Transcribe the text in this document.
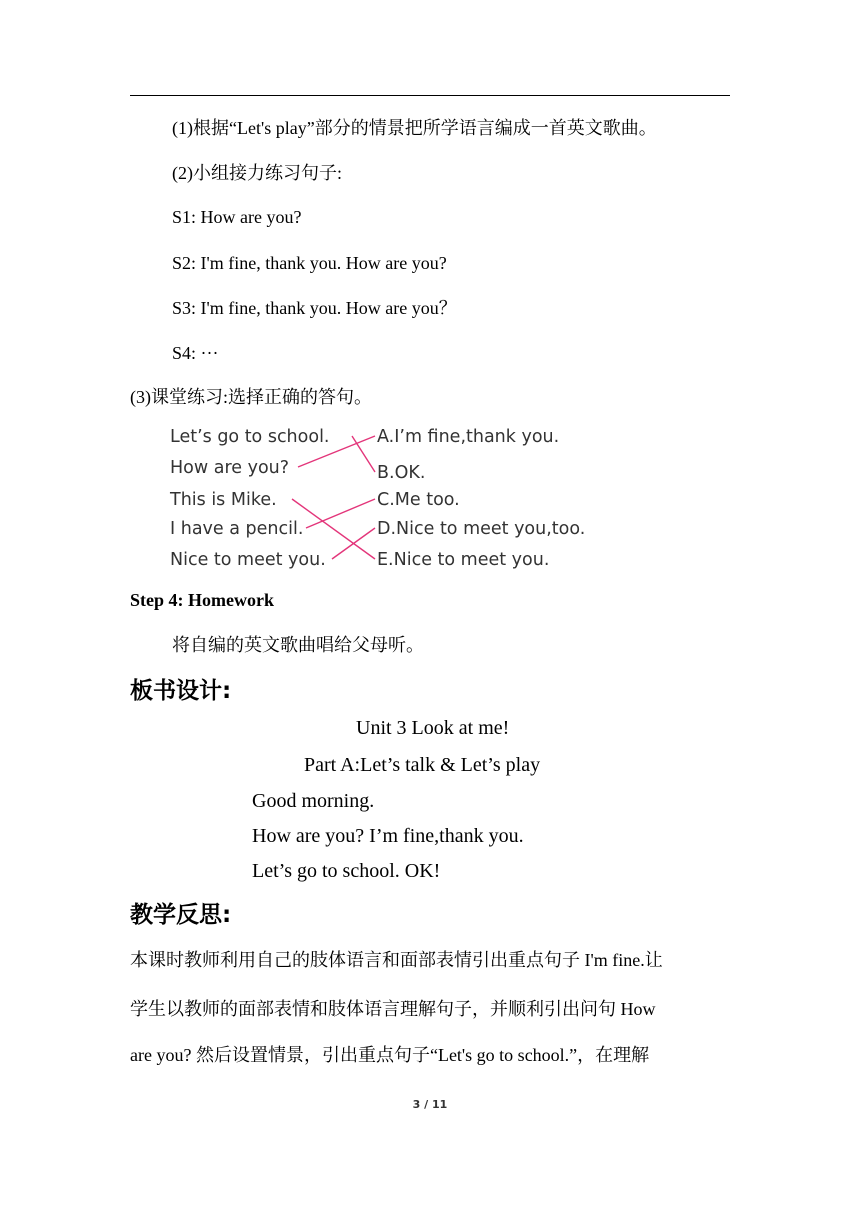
(1)根据“Let's play”部分的情景把所学语言编成一首英文歌曲。
(2)小组接力练习句子:
S1: How are you?
S2: I'm fine, thank you. How are you?
S3: I'm fine, thank you. How are you？
S4: ···
(3)课堂练习:选择正确的答句。
Let’s go to school.
How are you?
This is Mike.
I have a pencil.
Nice to meet you.
A.I’m fine,thank you.
B.OK.
C.Me too.
D.Nice to meet you,too.
E.Nice to meet you.
Step 4: Homework
将自编的英文歌曲唱给父母听。
板书设计:
Unit 3 Look at me!
Part A:Let’s talk & Let’s play
Good morning.
How are you? I’m fine,thank you.
Let’s go to school. OK!
教学反思:
本课时教师利用自己的肢体语言和面部表情引出重点句子 I'm fine.让
学生以教师的面部表情和肢体语言理解句子，并顺利引出问句 How
are you? 然后设置情景，引出重点句子“Let's go to school.”，在理解
3 / 11
